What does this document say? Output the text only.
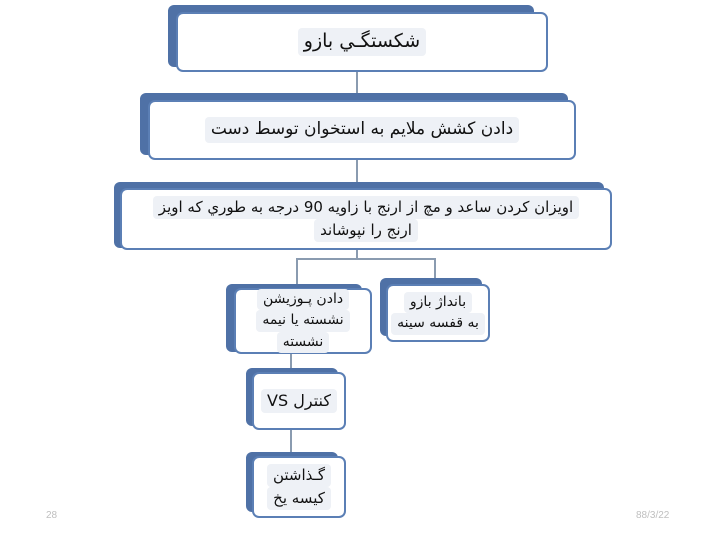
شكستگـي بازو
دادن كشش ملايم به استخوان توسط دست
اويزان كردن ساعد و مچ از ارنج با زاويه 90 درجه به طوري كه اويز
ارنج را نپوشاند
دادن پـوزيشن
نشسته يا نيمه
نشسته
بانداژ بازو
به قفسه سينه
كنترل VS
گـذاشتن
كيسه يخ
28	88/3/22
